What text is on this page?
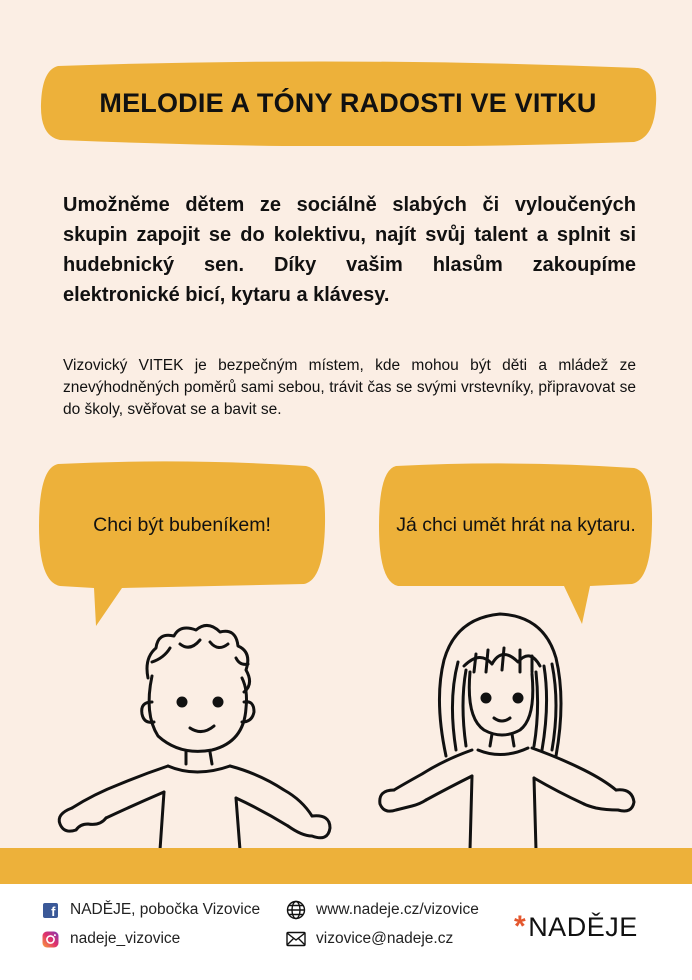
MELODIE A TÓNY RADOSTI VE VITKU
Umožněme dětem ze sociálně slabých či vyloučených skupin zapojit se do kolektivu, najít svůj talent a splnit si hudebnický sen. Díky vašim hlasům zakoupíme elektronické bicí, kytaru a klávesy.
Vizovický VITEK je bezpečným místem, kde mohou být děti a mládež ze znevýhodněných poměrů sami sebou, trávit čas se svými vrstevníky, připravovat se do školy, svěřovat se a bavit se.
Chci být bubeníkem!	Já chci umět hrát na kytaru.
f NADĚJE, pobočka Vizovice
nadeje_vizovice
www.nadeje.cz/vizovice
vizovice@nadeje.cz * NADĚJE
